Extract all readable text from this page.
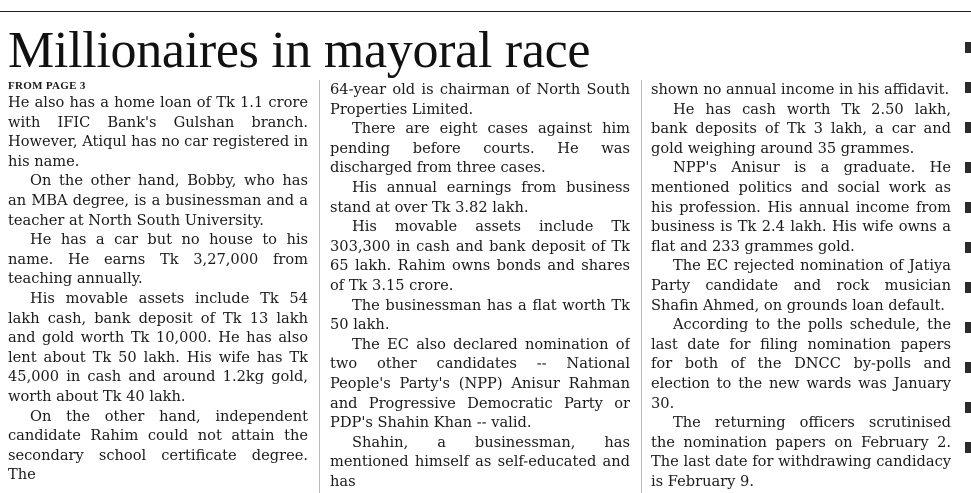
Millionaires in mayoral race
FROM PAGE 3

He also has a home loan of Tk 1.1 crore with IFIC Bank's Gulshan branch. However, Atiqul has no car registered in his name.

On the other hand, Bobby, who has an MBA degree, is a businessman and a teacher at North South University.

He has a car but no house to his name. He earns Tk 3,27,000 from teaching annually.

His movable assets include Tk 54 lakh cash, bank deposit of Tk 13 lakh and gold worth Tk 10,000. He has also lent about Tk 50 lakh. His wife has Tk 45,000 in cash and around 1.2kg gold, worth about Tk 40 lakh.

On the other hand, independent candidate Rahim could not attain the secondary school certificate degree. The

64-year old is chairman of North South Properties Limited.

There are eight cases against him pending before courts. He was discharged from three cases.

His annual earnings from business stand at over Tk 3.82 lakh.

His movable assets include Tk 303,300 in cash and bank deposit of Tk 65 lakh. Rahim owns bonds and shares of Tk 3.15 crore.

The businessman has a flat worth Tk 50 lakh.

The EC also declared nomination of two other candidates -- National People's Party's (NPP) Anisur Rahman and Progressive Democratic Party or PDP's Shahin Khan -- valid.

Shahin, a businessman, has mentioned himself as self-educated and has

shown no annual income in his affidavit.

He has cash worth Tk 2.50 lakh, bank deposits of Tk 3 lakh, a car and gold weighing around 35 grammes.

NPP's Anisur is a graduate. He mentioned politics and social work as his profession. His annual income from business is Tk 2.4 lakh. His wife owns a flat and 233 grammes gold.

The EC rejected nomination of Jatiya Party candidate and rock musician Shafin Ahmed, on grounds loan default.

According to the polls schedule, the last date for filing nomination papers for both of the DNCC by-polls and election to the new wards was January 30.

The returning officers scrutinised the nomination papers on February 2. The last date for withdrawing candidacy is February 9.
